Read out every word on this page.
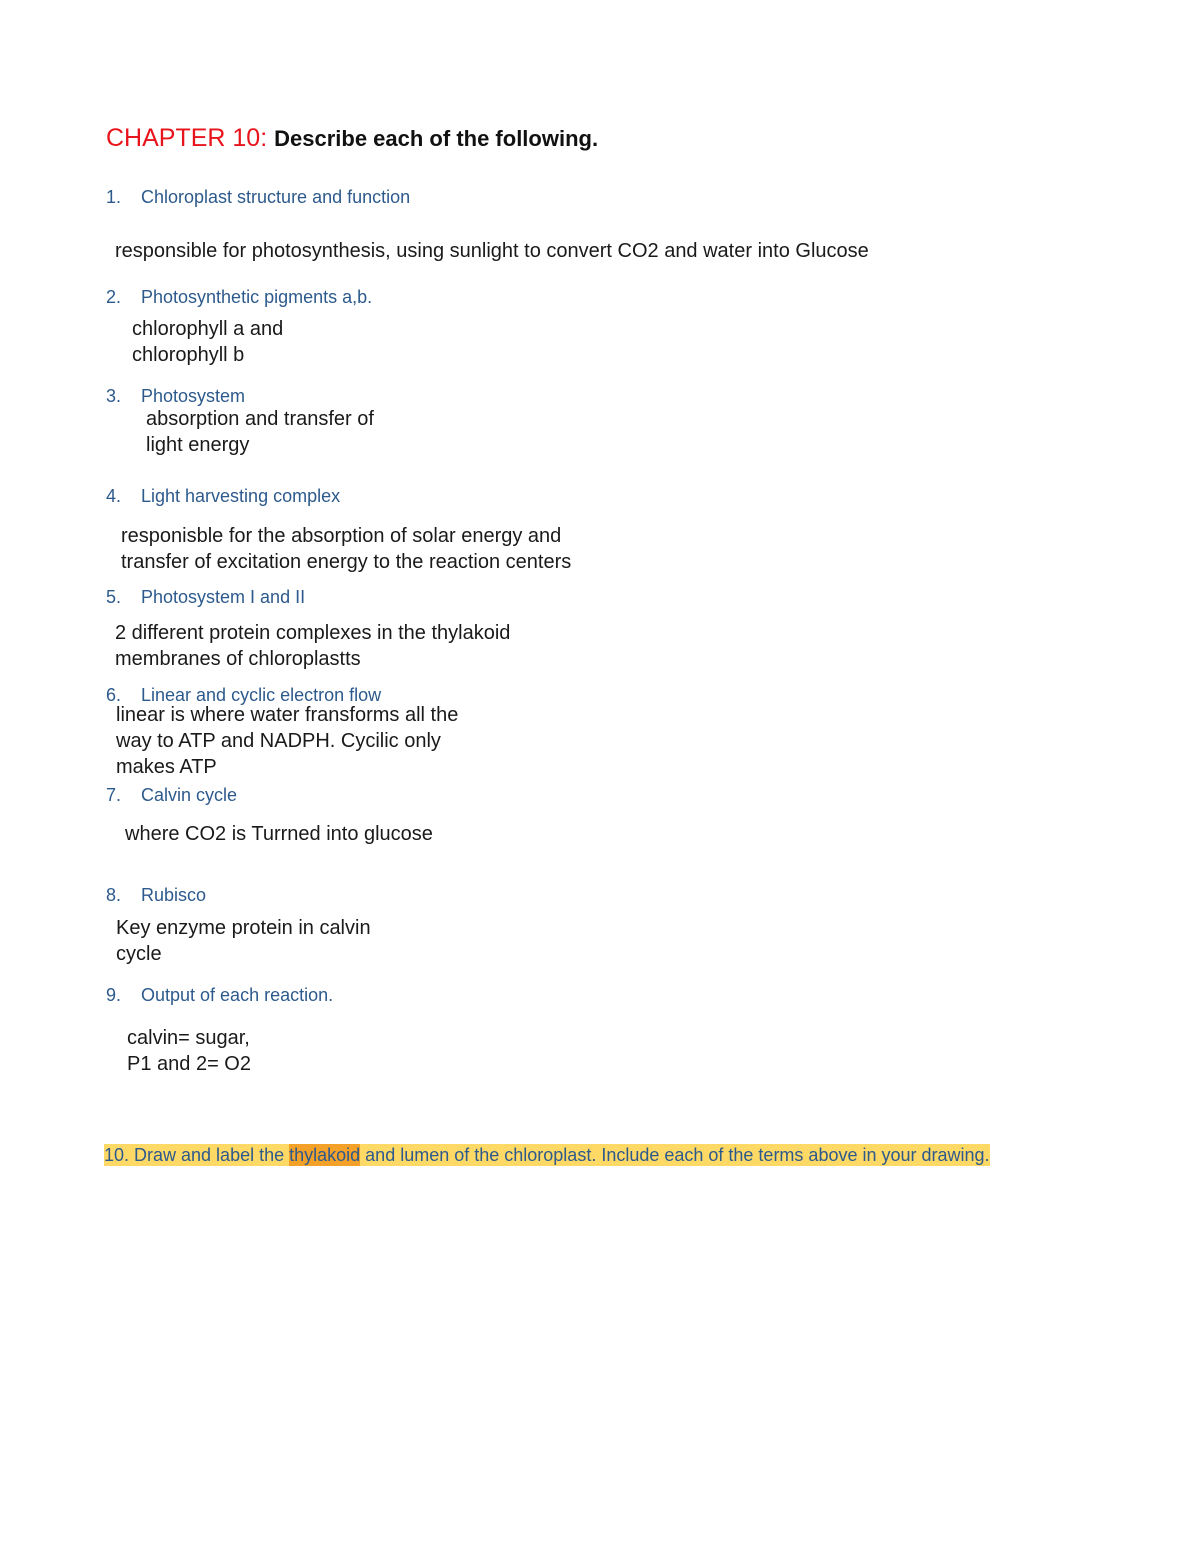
CHAPTER 10: Describe each of the following.
1. Chloroplast structure and function
responsible for photosynthesis, using sunlight to convert CO2 and water into Glucose
2. Photosynthetic pigments a,b.
chlorophyll a and
chlorophyll b
3. Photosystem
absorption and transfer of
light energy
4. Light harvesting complex
responisble for the absorption of solar energy and
transfer of excitation energy to the reaction centers
5. Photosystem I and II
2 different protein complexes in the thylakoid
membranes of chloroplastts
6. Linear and cyclic electron flow
linear is where water fransforms all the
way to ATP and NADPH. Cycilic only
makes ATP
7. Calvin cycle
where CO2 is Turrned into glucose
8. Rubisco
Key enzyme protein in calvin
cycle
9. Output of each reaction.
calvin= sugar,
P1 and 2= O2
10. Draw and label the thylakoid and lumen of the chloroplast. Include each of the terms above in your drawing.
